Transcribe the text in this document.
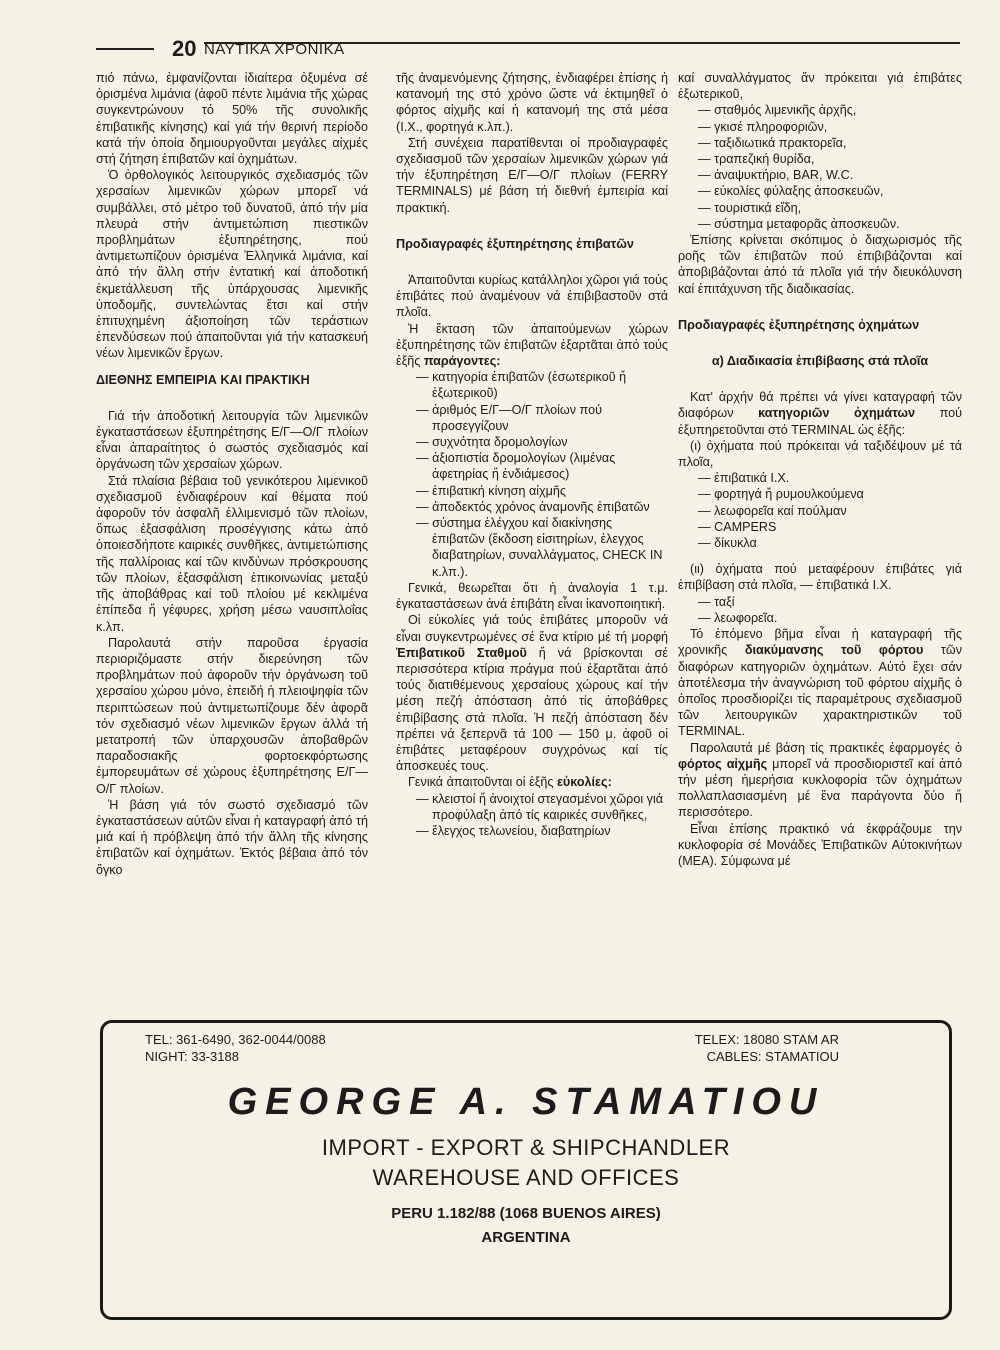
20 ΝΑΥΤΙΚΑ ΧΡΟΝΙΚΑ

πιό πάνω, ἐμφανίζονται ἰδιαίτερα ὀξυμένα σέ ὁρισμένα λιμάνια (ἀφοῦ πέντε λιμάνια τῆς χώρας συγκεντρώνουν τό 50% τῆς συνολικῆς ἐπιβατικῆς κίνησης) καί γιά τήν θερινή περίοδο κατά τήν ὁποία δημιουργοῦνται μεγάλες αἰχμές στή ζήτηση ἐπιβατῶν καί ὀχημάτων.

Ὁ ὀρθολογικός λειτουργικός σχεδιασμός τῶν χερσαίων λιμενικῶν χώρων μπορεῖ νά συμβάλλει, στό μέτρο τοῦ δυνατοῦ, ἀπό τήν μία πλευρά στήν ἀντιμετώπιση πιεστικῶν προβλημάτων ἐξυπηρέτησης, πού ἀντιμετωπίζουν ὁρισμένα Ἑλληνικά λιμάνια, καί ἀπό τήν ἄλλη στήν ἐντατική καί ἀποδοτική ἐκμετάλλευση τῆς ὑπάρχουσας λιμενικῆς ὑποδομῆς, συντελώντας ἔτσι καί στήν ἐπιτυχημένη ἀξιοποίηση τῶν τεράστιων ἐπενδύσεων πού ἀπαιτοῦνται γιά τήν κατασκευή νέων λιμενικῶν ἔργων.

ΔΙΕΘΝΗΣ ΕΜΠΕΙΡΙΑ ΚΑΙ ΠΡΑΚΤΙΚΗ

Γιά τήν ἀποδοτική λειτουργία τῶν λιμενικῶν ἐγκαταστάσεων ἐξυπηρέτησης Ε/Γ—Ο/Γ πλοίων εἶναι ἀπαραίτητος ὁ σωστός σχεδιασμός καί ὀργάνωση τῶν χερσαίων χώρων.

Στά πλαίσια βέβαια τοῦ γενικότερου λιμενικοῦ σχεδιασμοῦ ἐνδιαφέρουν καί θέματα πού ἀφοροῦν τόν ἀσφαλῆ ἐλλιμενισμό τῶν πλοίων, ὅπως ἐξασφάλιση προσέγγισης κάτω ἀπό ὁποιεσδήποτε καιρικές συνθῆκες, ἀντιμετώπισης τῆς παλλίροιας καί τῶν κινδύνων πρόσκρουσης τῶν πλοίων, ἐξασφάλιση ἐπικοινωνίας μεταξύ τῆς ἀποβάθρας καί τοῦ πλοίου μέ κεκλιμένα ἐπίπεδα ἤ γέφυρες, χρήση μέσω ναυσιπλοΐας κ.λπ.

Παρολαυτά στήν παροῦσα ἐργασία περιοριζόμαστε στήν διερεύνηση τῶν προβλημάτων πού ἀφοροῦν τήν ὀργάνωση τοῦ χερσαίου χώρου μόνο, ἐπειδή ἡ πλειοψηφία τῶν περιπτώσεων πού ἀντιμετωπίζουμε δέν ἀφορᾶ τόν σχεδιασμό νέων λιμενικῶν ἔργων ἀλλά τή μετατροπή τῶν ὑπαρχουσῶν ἀποβαθρῶν παραδοσιακῆς φορτοεκφόρτωσης ἐμπορευμάτων σέ χώρους ἐξυπηρέτησης Ε/Γ—Ο/Γ πλοίων.

Ἡ βάση γιά τόν σωστό σχεδιασμό τῶν ἐγκαταστάσεων αὐτῶν εἶναι ἡ καταγραφή ἀπό τή μιά καί ἡ πρόβλεψη ἀπό τήν ἄλλη τῆς κίνησης ἐπιβατῶν καί ὀχημάτων. Ἐκτός βέβαια ἀπό τόν ὄγκο

τῆς ἀναμενόμενης ζήτησης, ἐνδιαφέρει ἐπίσης ἡ κατανομή της στό χρόνο ὥστε νά ἐκτιμηθεῖ ὁ φόρτος αἰχμῆς καί ἡ κατανομή της στά μέσα (Ι.Χ., φορτηγά κ.λπ.).

Στή συνέχεια παρατίθενται οἱ προδιαγραφές σχεδιασμοῦ τῶν χερσαίων λιμενικῶν χώρων γιά τήν ἐξυπηρέτηση Ε/Γ—Ο/Γ πλοίων (FERRY TERMINALS) μέ βάση τή διεθνή ἐμπειρία καί πρακτική.

Προδιαγραφές ἐξυπηρέτησης ἐπιβατῶν

Ἀπαιτοῦνται κυρίως κατάλληλοι χῶροι γιά τούς ἐπιβάτες πού ἀναμένουν νά ἐπιβιβαστοῦν στά πλοῖα.

Ἡ ἔκταση τῶν ἀπαιτούμενων χώρων ἐξυπηρέτησης τῶν ἐπιβατῶν ἐξαρτᾶται ἀπό τούς ἑξῆς παράγοντες:

— κατηγορία ἐπιβατῶν (ἐσωτερικοῦ ἤ ἐξωτερικοῦ)
— ἀριθμός Ε/Γ—Ο/Γ πλοίων πού προσεγγίζουν
— συχνότητα δρομολογίων
— ἀξιοπιστία δρομολογίων (λιμένας ἀφετηρίας ἤ ἐνδιάμεσος)
— ἐπιβατική κίνηση αἰχμῆς
— ἀποδεκτός χρόνος ἀναμονῆς ἐπιβατῶν
— σύστημα ἐλέγχου καί διακίνησης ἐπιβατῶν (ἔκδοση εἰσιτηρίων, ἐλεγχος διαβατηρίων, συναλλάγματος, CHECK IN κ.λπ.).

Γενικά, θεωρεῖται ὅτι ἡ ἀναλογία 1 τ.μ. ἐγκαταστάσεων ἀνά ἐπιβάτη εἶναι ἱκανοποιητική.

Οἱ εὐκολίες γιά τούς ἐπιβάτες μποροῦν νά εἶναι συγκεντρωμένες σέ ἕνα κτίριο μέ τή μορφή Ἐπιβατικοῦ Σταθμοῦ ἤ νά βρίσκονται σέ περισσότερα κτίρια πράγμα πού ἐξαρτᾶται ἀπό τούς διατιθέμενους χερσαίους χώρους καί τήν μέση πεζή ἀπόσταση ἀπό τίς ἀποβάθρες ἐπιβίβασης στά πλοῖα. Ἡ πεζή ἀπόσταση δέν πρέπει νά ξεπερνᾶ τά 100 — 150 μ. ἀφοῦ οἱ ἐπιβάτες μεταφέρουν συγχρόνως καί τίς ἀποσκευές τους.

Γενικά ἀπαιτοῦνται οἱ ἑξῆς εὐκολίες:

— κλειστοί ἤ ἀνοιχτοί στεγασμένοι χῶροι γιά προφύλαξη ἀπό τίς καιρικές συνθῆκες,
— ἔλεγχος τελωνείου, διαβατηρίων

καί συναλλάγματος ἄν πρόκειται γιά ἐπιβάτες ἐξωτερικοῦ,

— σταθμός λιμενικῆς ἀρχῆς,
— γκισέ πληροφοριῶν,
— ταξιδιωτικά πρακτορεῖα,
— τραπεζική θυρίδα,
— ἀναψυκτήριο, BAR, W.C.
— εὐκολίες φύλαξης ἀποσκευῶν,
— τουριστικά εἴδη,
— σύστημα μεταφορᾶς ἀποσκευῶν.

Ἐπίσης κρίνεται σκόπιμος ὁ διαχωρισμός τῆς ροῆς τῶν ἐπιβατῶν πού ἐπιβιβάζονται καί ἀποβιβάζονται ἀπό τά πλοῖα γιά τήν διευκόλυνση καί ἐπιτάχυνση τῆς διαδικασίας.

Προδιαγραφές ἐξυπηρέτησης ὀχημάτων
α) Διαδικασία ἐπιβίβασης στά πλοῖα

Κατ' ἀρχήν θά πρέπει νά γίνει καταγραφή τῶν διαφόρων κατηγοριῶν ὀχημάτων πού ἐξυπηρετοῦνται στό TERMINAL ὡς ἑξῆς:

(ι) ὀχήματα πού πρόκειται νά ταξιδέψουν μέ τά πλοῖα,

— ἐπιβατικά Ι.Χ.
— φορτηγά ἤ ρυμουλκούμενα
— λεωφορεῖα καί πούλμαν
— CAMPERS
— δίκυκλα

(ιι) ὀχήματα πού μεταφέρουν ἐπιβάτες γιά ἐπιβίβαση στά πλοῖα, — ἐπιβατικά Ι.Χ.

— ταξί
— λεωφορεῖα.

Τό ἑπόμενο βῆμα εἶναι ἡ καταγραφή τῆς χρονικῆς διακύμανσης τοῦ φόρτου τῶν διαφόρων κατηγοριῶν ὀχημάτων. Αὐτό ἔχει σάν ἀποτέλεσμα τήν ἀναγνώριση τοῦ φόρτου αἰχμῆς ὁ ὁποῖος προσδιορίζει τίς παραμέτρους σχεδιασμοῦ τῶν λειτουργικῶν χαρακτηριστικῶν τοῦ TERMINAL.

Παρολαυτά μέ βάση τίς πρακτικές ἐφαρμογές ὁ φόρτος αἰχμῆς μπορεῖ νά προσδιοριστεῖ καί ἀπό τήν μέση ἡμερήσια κυκλοφορία τῶν ὀχημάτων πολλαπλασιασμένη μέ ἕνα παράγοντα δύο ἤ περισσότερο.

Εἶναι ἐπίσης πρακτικό νά ἐκφράζουμε την κυκλοφορία σέ Μονάδες Ἐπιβατικῶν Αὐτοκινήτων (ΜΕΑ). Σύμφωνα μέ

TEL: 361-6490, 362-0044/0088
NIGHT: 33-3188
TELEX: 18080 STAM AR
CABLES: STAMATIOU
GEORGE A. STAMATIOU
IMPORT - EXPORT & SHIPCHANDLER
WAREHOUSE AND OFFICES
PERU 1.182/88 (1068 BUENOS AIRES)
ARGENTINA
